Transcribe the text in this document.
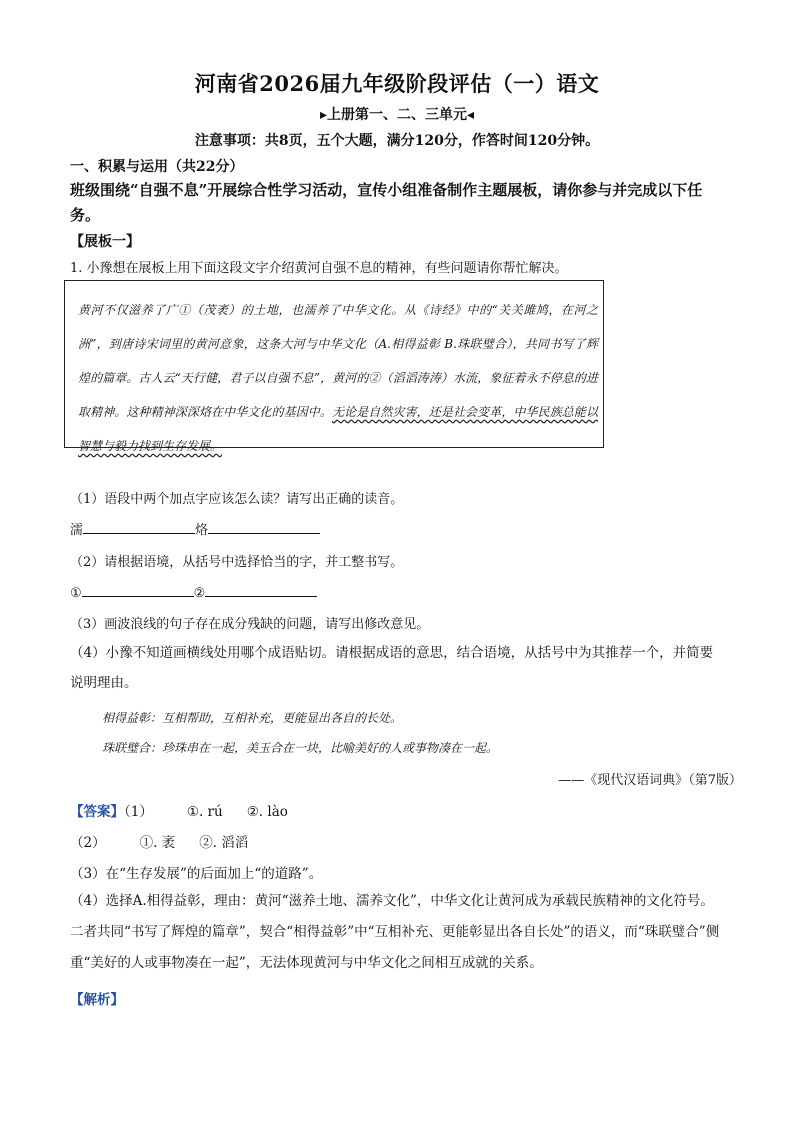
河南省2026届九年级阶段评估（一）语文
▸上册第一、二、三单元◂
注意事项：共8页，五个大题，满分120分，作答时间120分钟。
一、积累与运用（共22分）
班级围绕“自强不息”开展综合性学习活动，宣传小组准备制作主题展板，请你参与并完成以下任务。
【展板一】
1. 小豫想在展板上用下面这段文字介绍黄河自强不息的精神，有些问题请你帮忙解决。
黄河不仅滋养了广①（茂袤）的土地，也濡养了中华文化。从《诗经》中的“关关雎鸠，在河之洲”，到唐诗宋词里的黄河意象，这条大河与中华文化（A.相得益彰 B.珠联璧合），共同书写了辉煌的篇章。古人云“天行健，君子以自强不息”，黄河的②（滔滔涛涛）水流，象征着永不停息的进取精神。这种精神深深烙在中华文化的基因中。无论是自然灾害，还是社会变革，中华民族总能以智慧与毅力找到生存发展。
（1）语段中两个加点字应该怎么读？请写出正确的读音。
濡	烙
（2）请根据语境，从括号中选择恰当的字，并工整书写。
①	②
（3）画波浪线的句子存在成分残缺的问题，请写出修改意见。
（4）小豫不知道画横线处用哪个成语贴切。请根据成语的意思，结合语境，从括号中为其推荐一个，并简要说明理由。
相得益彰：互相帮助，互相补充，更能显出各自的长处。
珠联璧合：珍珠串在一起，美玉合在一块，比喻美好的人或事物凑在一起。
——《现代汉语词典》（第7版）
【答案】（1）	①. rú ②. lào
（2）	①. 袤 ②. 滔滔
（3）在“生存发展”的后面加上“的道路”。
（4）选择A.相得益彰，理由：黄河“滋养土地、濡养文化”，中华文化让黄河成为承载民族精神的文化符号。二者共同“书写了辉煌的篇章”，契合“相得益彰”中“互相补充、更能彰显出各自长处”的语义，而“珠联璧合”侧重“美好的人或事物凑在一起”，无法体现黄河与中华文化之间相互成就的关系。
【解析】
